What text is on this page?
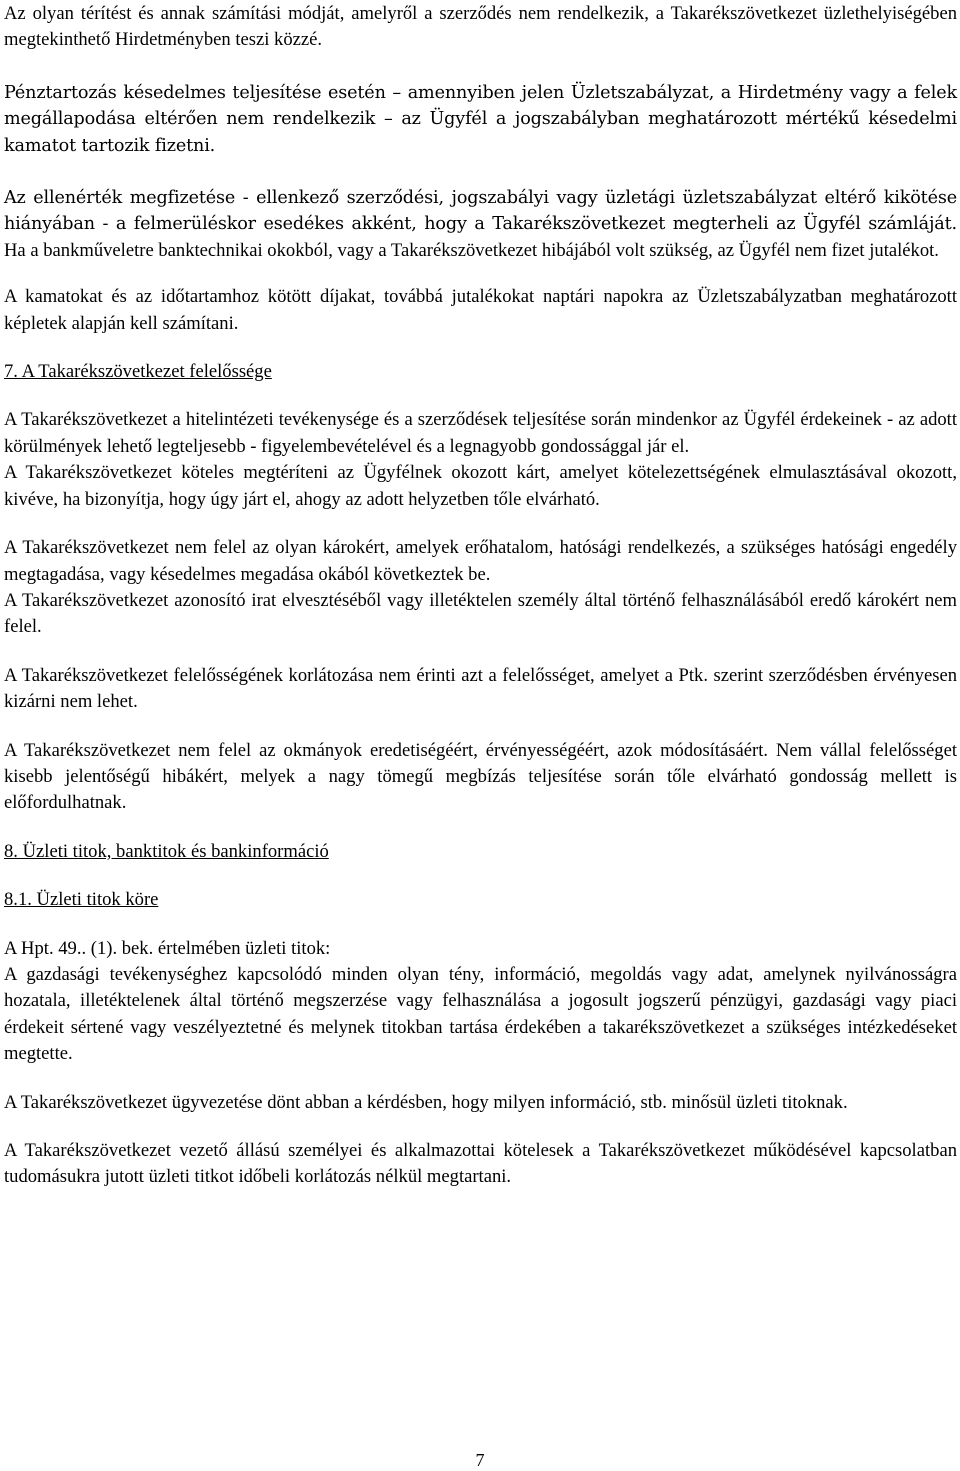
Az olyan térítést és annak számítási módját, amelyről a szerződés nem rendelkezik, a Takarékszövetkezet üzlethelyiségében megtekinthető Hirdetményben teszi közzé.

Pénztartozás késedelmes teljesítése esetén – amennyiben jelen Üzletszabályzat, a Hirdetmény vagy a felek megállapodása eltérően nem rendelkezik – az Ügyfél a jogszabályban meghatározott mértékű késedelmi kamatot tartozik fizetni.

Az ellenérték megfizetése - ellenkező szerződési, jogszabályi vagy üzletági üzletszabályzat eltérő kikötése hiányában - a felmerüléskor esedékes akként, hogy a Takarékszövetkezet megterheli az Ügyfél számláját. Ha a bankműveletre banktechnikai okokból, vagy a Takarékszövetkezet hibájából volt szükség, az Ügyfél nem fizet jutalékot.

A kamatokat és az időtartamhoz kötött díjakat, továbbá jutalékokat naptári napokra az Üzletszabályzatban meghatározott képletek alapján kell számítani.

7. A Takarékszövetkezet felelőssége

A Takarékszövetkezet a hitelintézeti tevékenysége és a szerződések teljesítése során mindenkor az Ügyfél érdekeinek - az adott körülmények lehető legteljesebb - figyelembevételével és a legnagyobb gondossággal jár el.

A Takarékszövetkezet köteles megtéríteni az Ügyfélnek okozott kárt, amelyet kötelezettségének elmulasztásával okozott, kivéve, ha bizonyítja, hogy úgy járt el, ahogy az adott helyzetben tőle elvárható.

A Takarékszövetkezet nem felel az olyan károkért, amelyek erőhatalom, hatósági rendelkezés, a szükséges hatósági engedély megtagadása, vagy késedelmes megadása okából következtek be.

A Takarékszövetkezet azonosító irat elvesztéséből vagy illetéktelen személy által történő felhasználásából eredő károkért nem felel.

A Takarékszövetkezet felelősségének korlátozása nem érinti azt a felelősséget, amelyet a Ptk. szerint szerződésben érvényesen kizárni nem lehet.

A Takarékszövetkezet nem felel az okmányok eredetiségéért, érvényességéért, azok módosításáért. Nem vállal felelősséget kisebb jelentőségű hibákért, melyek a nagy tömegű megbízás teljesítése során tőle elvárható gondosság mellett is előfordulhatnak.

8. Üzleti titok, banktitok és bankinformáció

8.1. Üzleti titok köre

A Hpt. 49.. (1). bek. értelmében üzleti titok:

A gazdasági tevékenységhez kapcsolódó minden olyan tény, információ, megoldás vagy adat, amelynek nyilvánosságra hozatala, illetéktelenek által történő megszerzése vagy felhasználása a jogosult jogszerű pénzügyi, gazdasági vagy piaci érdekeit sértené vagy veszélyeztetné és melynek titokban tartása érdekében a takarékszövetkezet a szükséges intézkedéseket megtette.

A Takarékszövetkezet ügyvezetése dönt abban a kérdésben, hogy milyen információ, stb. minősül üzleti titoknak.

A Takarékszövetkezet vezető állású személyei és alkalmazottai kötelesek a Takarékszövetkezet működésével kapcsolatban tudomásukra jutott üzleti titkot időbeli korlátozás nélkül megtartani.

7
